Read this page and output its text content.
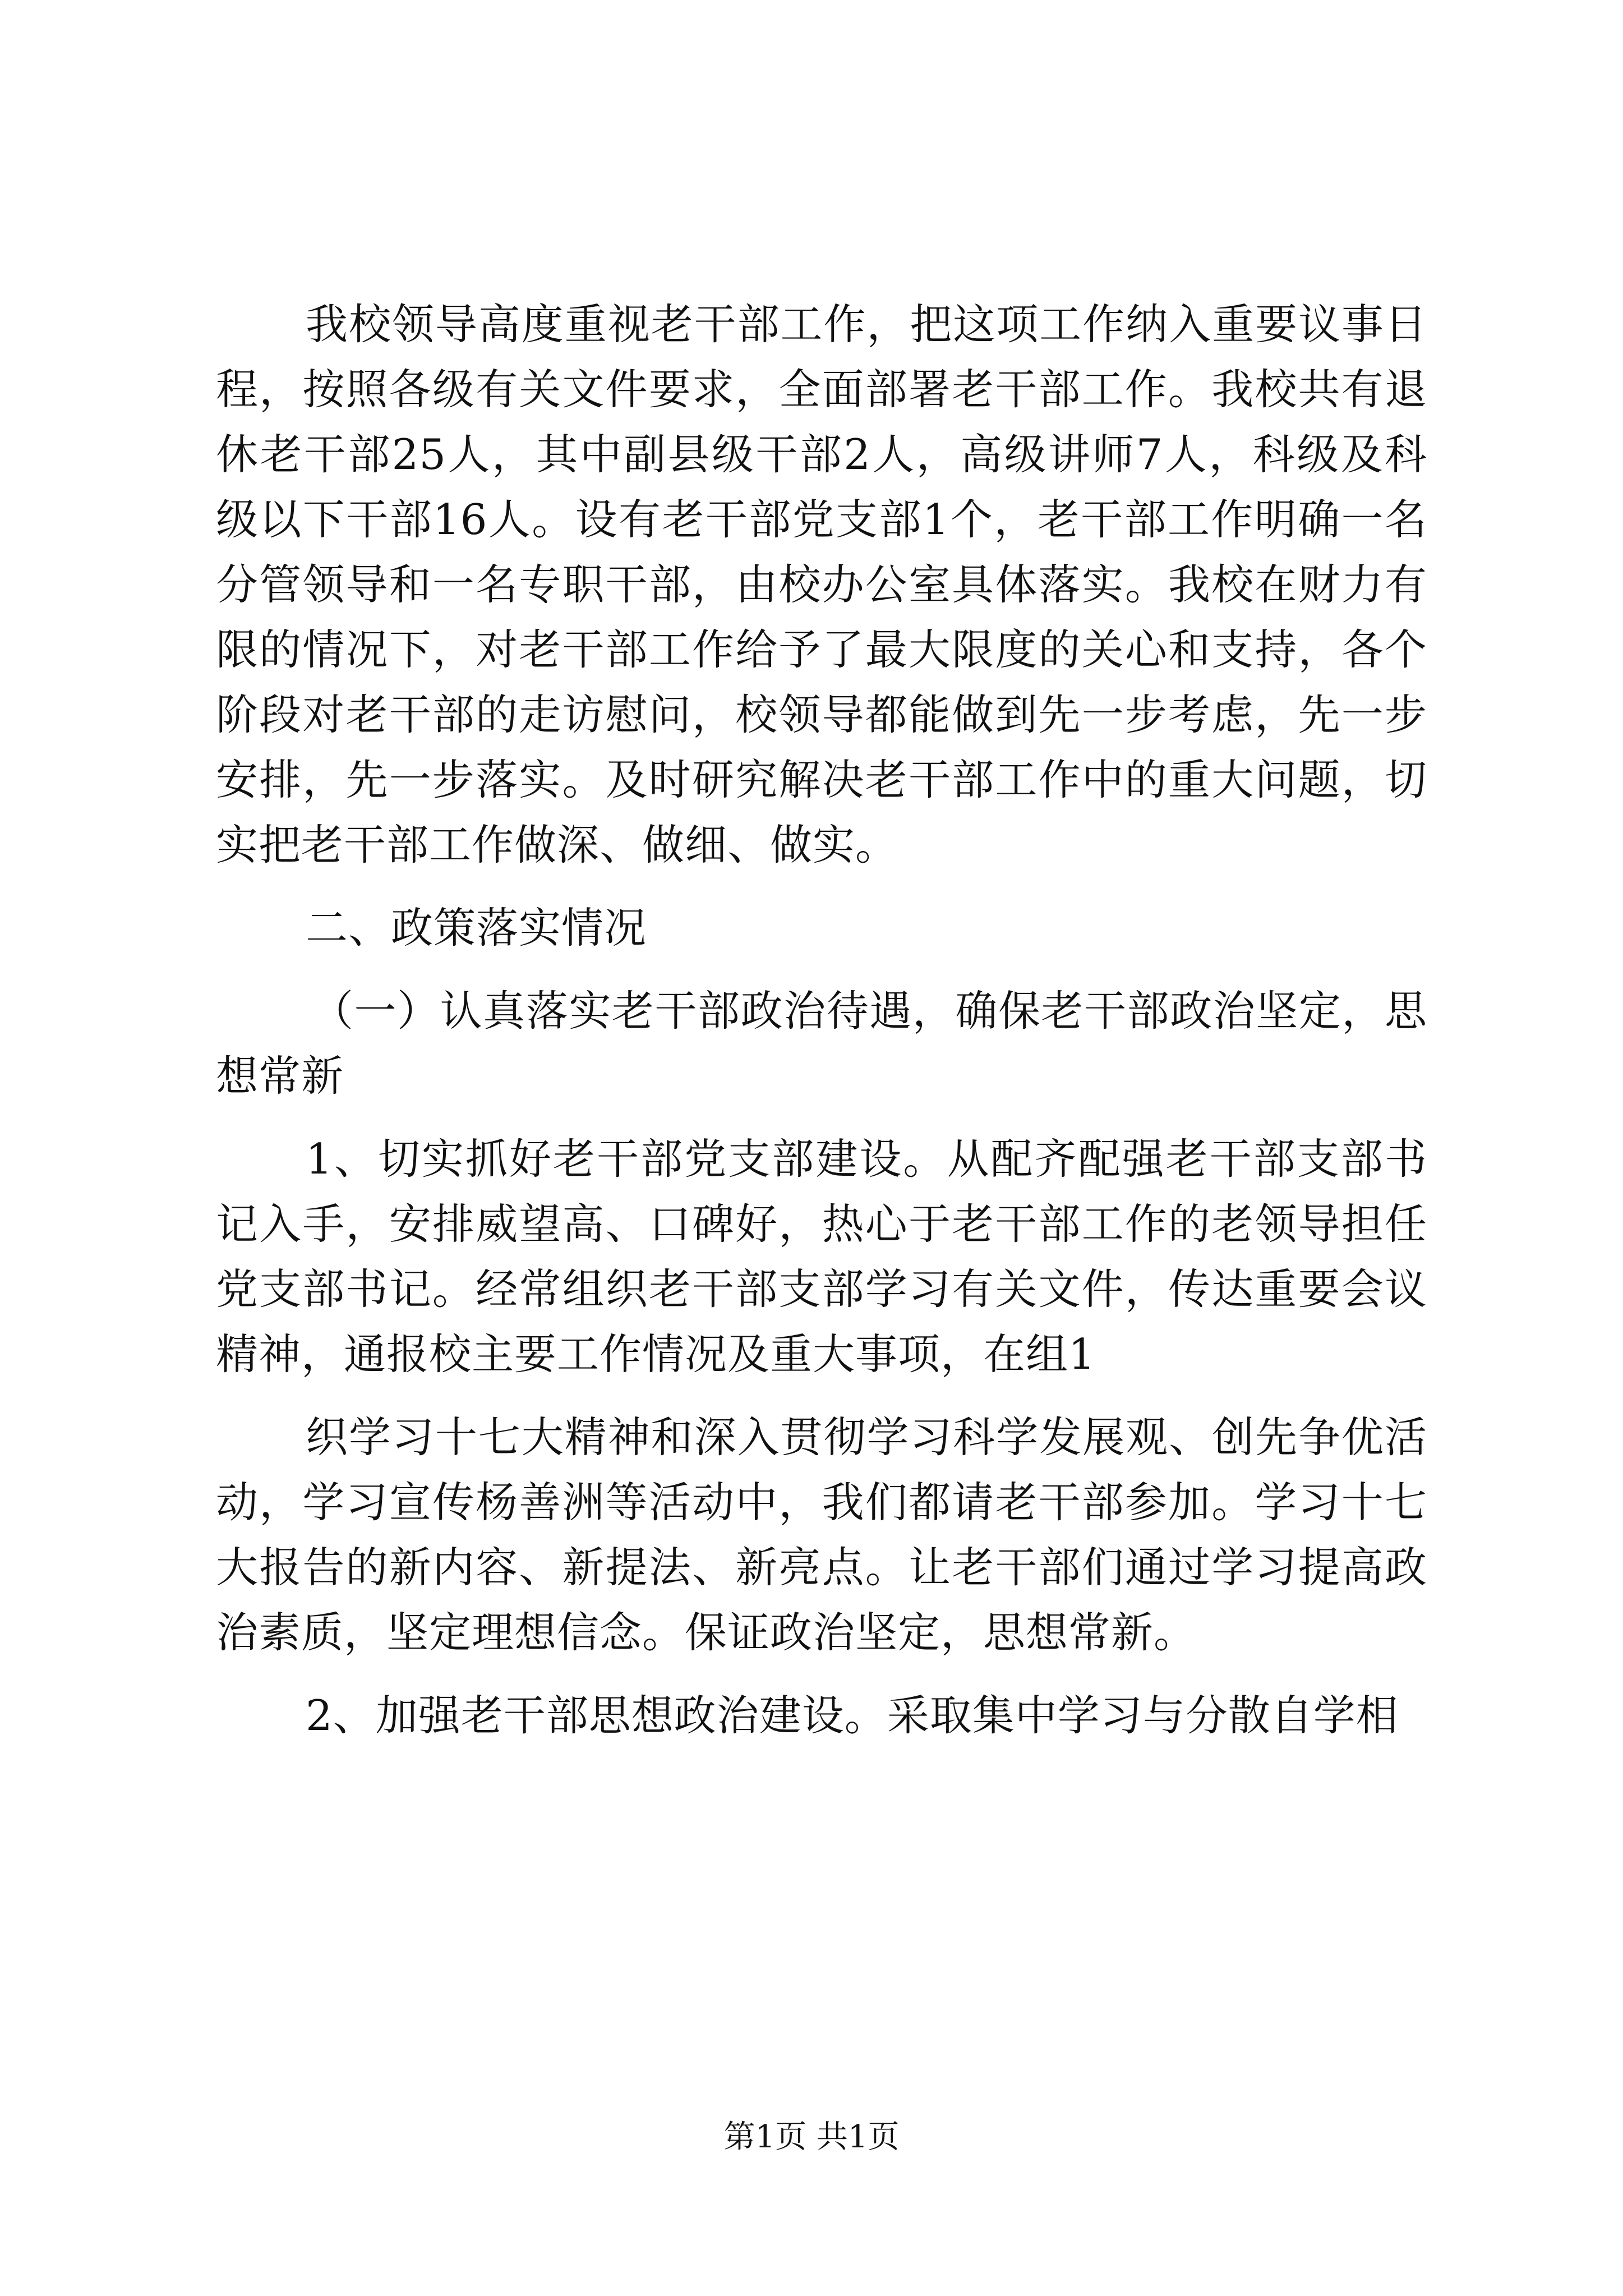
我校领导高度重视老干部工作，把这项工作纳入重要议事日程，按照各级有关文件要求，全面部署老干部工作。我校共有退休老干部25人，其中副县级干部2人，高级讲师7人，科级及科级以下干部16人。设有老干部党支部1个，老干部工作明确一名分管领导和一名专职干部，由校办公室具体落实。我校在财力有限的情况下，对老干部工作给予了最大限度的关心和支持，各个阶段对老干部的走访慰问，校领导都能做到先一步考虑，先一步安排，先一步落实。及时研究解决老干部工作中的重大问题，切实把老干部工作做深、做细、做实。

二、政策落实情况

（一）认真落实老干部政治待遇，确保老干部政治坚定，思想常新

1、切实抓好老干部党支部建设。从配齐配强老干部支部书记入手，安排威望高、口碑好，热心于老干部工作的老领导担任党支部书记。经常组织老干部支部学习有关文件，传达重要会议精神，通报校主要工作情况及重大事项，在组1

织学习十七大精神和深入贯彻学习科学发展观、创先争优活动，学习宣传杨善洲等活动中，我们都请老干部参加。学习十七大报告的新内容、新提法、新亮点。让老干部们通过学习提高政治素质，坚定理想信念。保证政治坚定，思想常新。

2、加强老干部思想政治建设。采取集中学习与分散自学相

第1页 共1页
